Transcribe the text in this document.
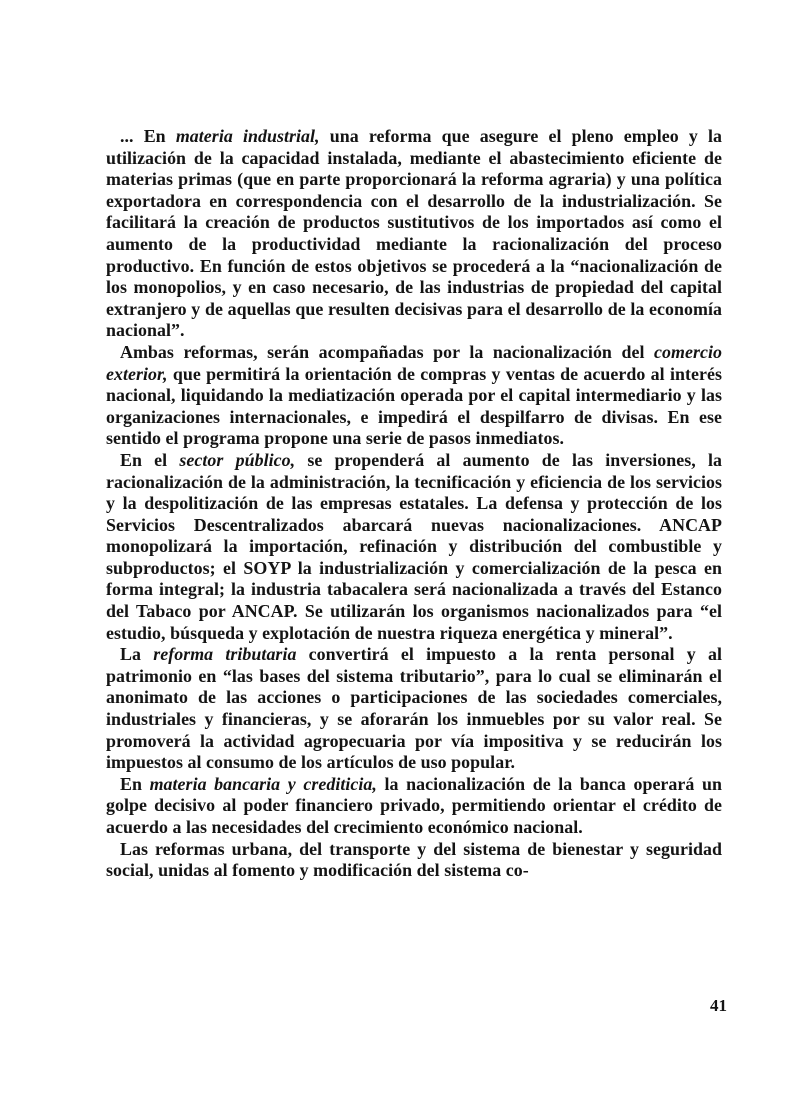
... En materia industrial, una reforma que asegure el pleno empleo y la utilización de la capacidad instalada, mediante el abastecimiento eficiente de materias primas (que en parte proporcionará la reforma agraria) y una política exportadora en correspondencia con el desarrollo de la industrialización. Se facilitará la creación de productos sustitutivos de los importados así como el aumento de la productividad mediante la racionalización del proceso productivo. En función de estos objetivos se procederá a la “nacionalización de los monopolios, y en caso necesario, de las industrias de propiedad del capital extranjero y de aquellas que resulten decisivas para el desarrollo de la economía nacional”.

Ambas reformas, serán acompañadas por la nacionalización del comercio exterior, que permitirá la orientación de compras y ventas de acuerdo al interés nacional, liquidando la mediatización operada por el capital intermediario y las organizaciones internacionales, e impedirá el despilfarro de divisas. En ese sentido el programa propone una serie de pasos inmediatos.

En el sector público, se propenderá al aumento de las inversiones, la racionalización de la administración, la tecnificación y eficiencia de los servicios y la despolitización de las empresas estatales. La defensa y protección de los Servicios Descentralizados abarcará nuevas nacionalizaciones. ANCAP monopolizará la importación, refinación y distribución del combustible y subproductos; el SOYP la industrialización y comercialización de la pesca en forma integral; la industria tabacalera será nacionalizada a través del Estanco del Tabaco por ANCAP. Se utilizarán los organismos nacionalizados para “el estudio, búsqueda y explotación de nuestra riqueza energética y mineral”.

La reforma tributaria convertirá el impuesto a la renta personal y al patrimonio en “las bases del sistema tributario”, para lo cual se eliminarán el anonimato de las acciones o participaciones de las sociedades comerciales, industriales y financieras, y se aforarán los inmuebles por su valor real. Se promoverá la actividad agropecuaria por vía impositiva y se reducirán los impuestos al consumo de los artículos de uso popular.

En materia bancaria y crediticia, la nacionalización de la banca operará un golpe decisivo al poder financiero privado, permitiendo orientar el crédito de acuerdo a las necesidades del crecimiento económico nacional.

Las reformas urbana, del transporte y del sistema de bienestar y seguridad social, unidas al fomento y modificación del sistema co-

41
